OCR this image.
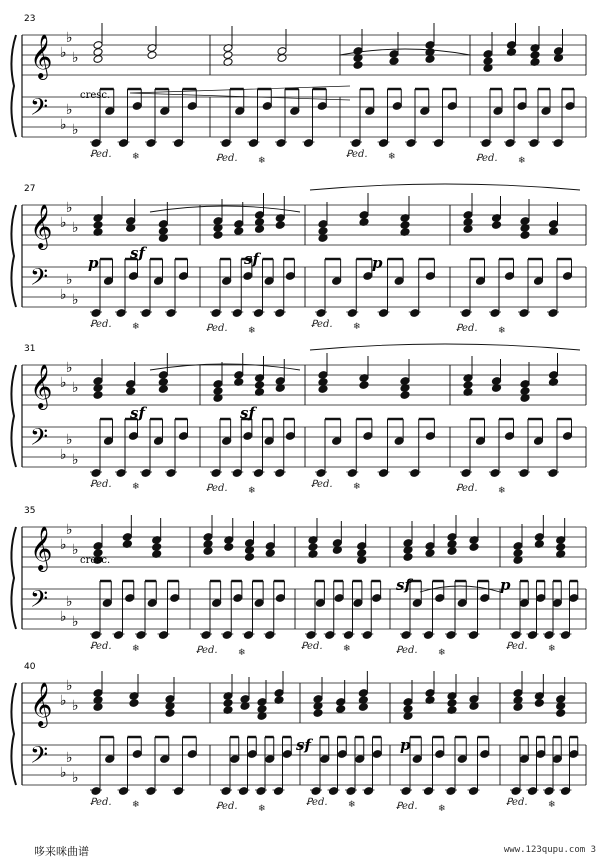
𝄞
𝄢
♭
♭
♭
♭
♭
♭
23
Ꝑed. ❄	Ꝑed. ❄
Ꝑed. ❄	Ꝑed. ❄
𝄞
𝄢
♭
♭
♭
♭
♭
♭
27
Ꝑed. ❄	Ꝑed. ❄
Ꝑed. ❄	Ꝑed. ❄
𝄞
𝄢
♭
♭
♭
♭
♭
♭
31
Ꝑed. ❄	Ꝑed. ❄
Ꝑed. ❄	Ꝑed. ❄
𝄞
𝄢
♭
♭
♭
♭
♭
♭
35
Ꝑed. ❄	Ꝑed. ❄
Ꝑed. ❄	Ꝑed. ❄
Ꝑed. ❄
𝄞
𝄢
♭
♭
♭
♭
♭
♭
40
Ꝑed. ❄	Ꝑed. ❄
Ꝑed. ❄	Ꝑed. ❄
Ꝑed. ❄
cresc.
cresc.
p	p
sf	sf
sf	sf
sf	p
sf	p
哆来咪曲谱	www.123qupu.com 3
